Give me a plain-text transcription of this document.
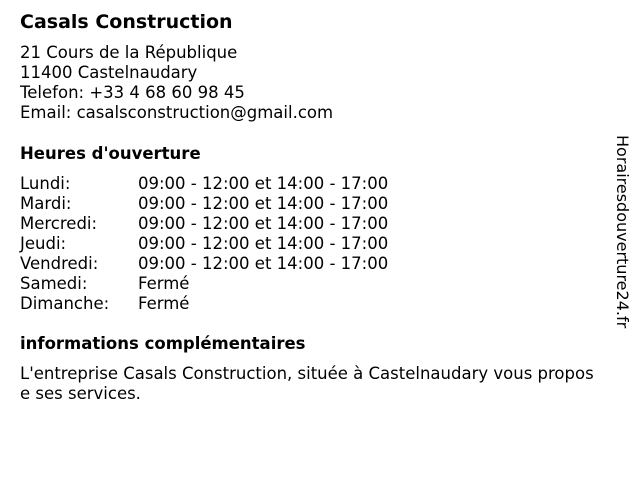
Casals Construction
21 Cours de la République
11400 Castelnaudary
Telefon: +33 4 68 60 98 45
Email: casalsconstruction@gmail.com
Heures d'ouverture
Lundi:	09:00 - 12:00 et 14:00 - 17:00
Mardi:	09:00 - 12:00 et 14:00 - 17:00
Mercredi: 09:00 - 12:00 et 14:00 - 17:00
Jeudi:	09:00 - 12:00 et 14:00 - 17:00
Vendredi: 09:00 - 12:00 et 14:00 - 17:00
Samedi:	Fermé
Dimanche: Fermé
informations complémentaires
L'entreprise Casals Construction, située à Castelnaudary vous propose ses services.
Horairesdouverture24.fr
